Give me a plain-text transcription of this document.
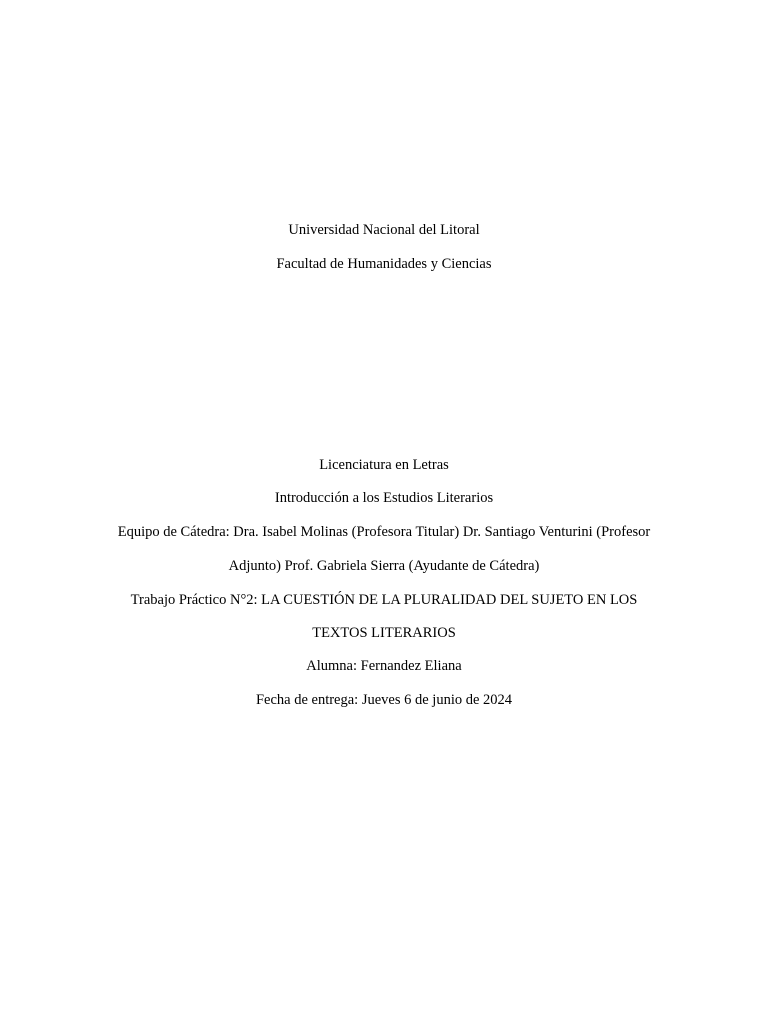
Universidad Nacional del Litoral
Facultad de Humanidades y Ciencias
Licenciatura en Letras
Introducción a los Estudios Literarios
Equipo de Cátedra: Dra. Isabel Molinas (Profesora Titular) Dr. Santiago Venturini (Profesor
Adjunto) Prof. Gabriela Sierra (Ayudante de Cátedra)
Trabajo Práctico N°2: LA CUESTIÓN DE LA PLURALIDAD DEL SUJETO EN LOS
TEXTOS LITERARIOS
Alumna: Fernandez Eliana
Fecha de entrega: Jueves 6 de junio de 2024
